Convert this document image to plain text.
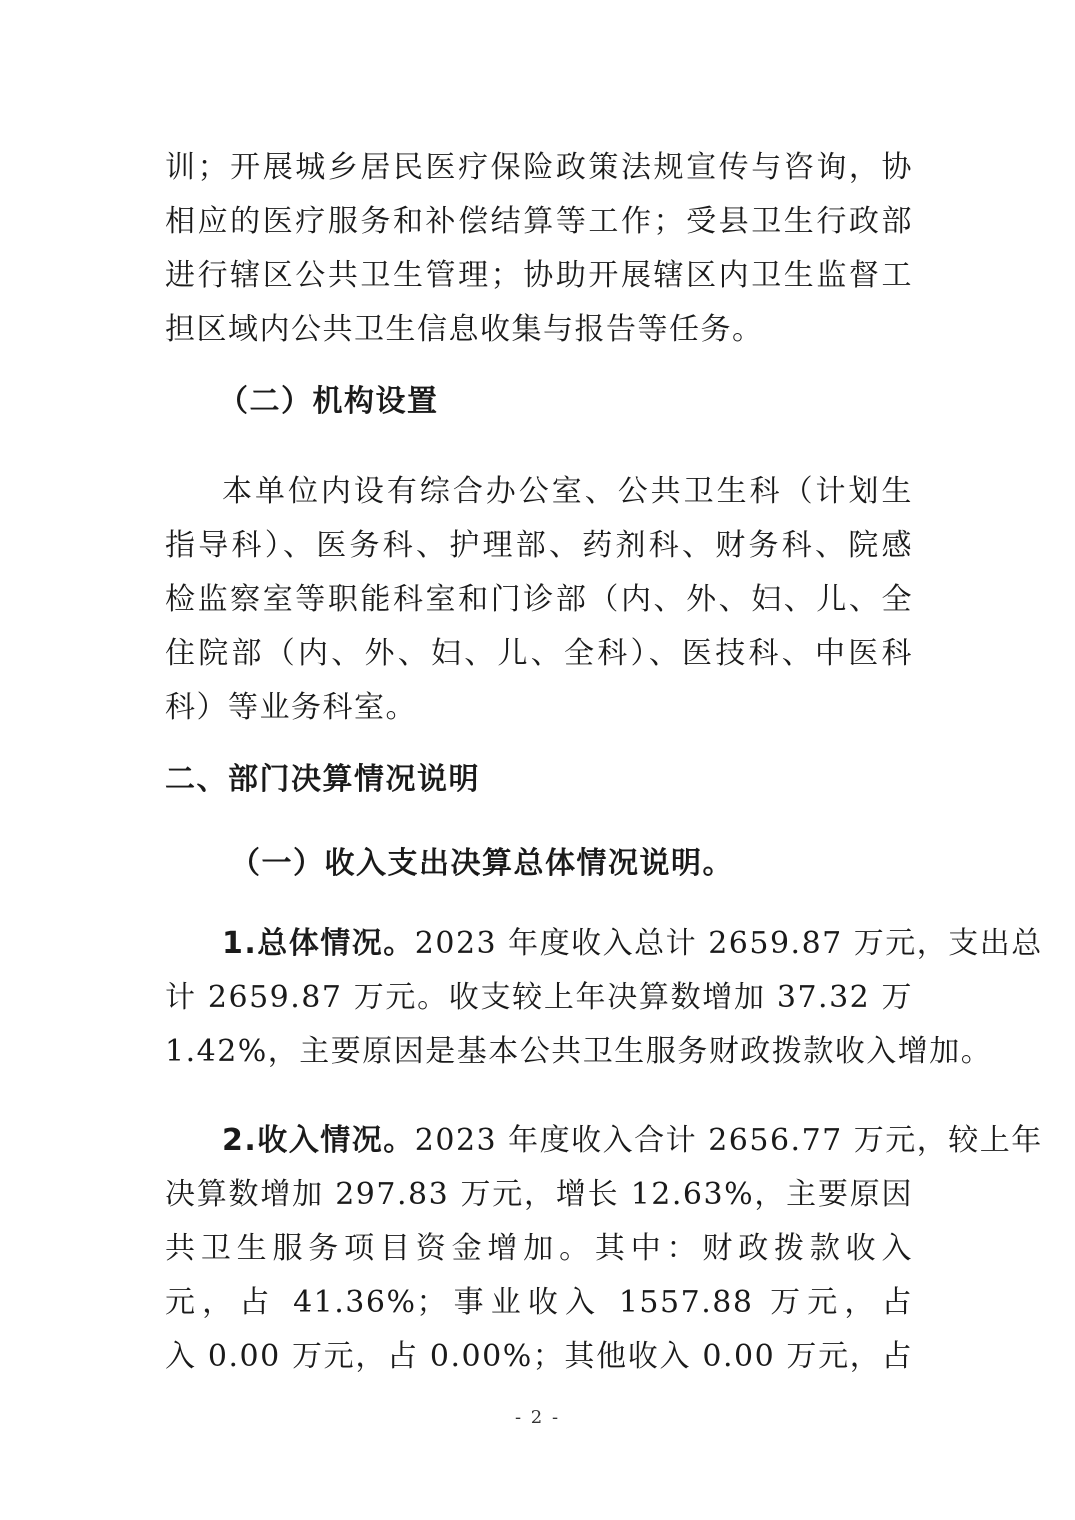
训；开展城乡居民医疗保险政策法规宣传与咨询，协
相应的医疗服务和补偿结算等工作；受县卫生行政部
进行辖区公共卫生管理；协助开展辖区内卫生监督工
担区域内公共卫生信息收集与报告等任务。
（二）机构设置
本单位内设有综合办公室、公共卫生科（计划生
指导科）、医务科、护理部、药剂科、财务科、院感
检监察室等职能科室和门诊部（内、外、妇、儿、全
住院部（内、外、妇、儿、全科）、医技科、中医科
科）等业务科室。
二、部门决算情况说明
（一）收入支出决算总体情况说明。
1.总体情况。2023 年度收入总计 2659.87 万元，支出总
计 2659.87 万元。收支较上年决算数增加 37.32 万
1.42%，主要原因是基本公共卫生服务财政拨款收入增加。
2.收入情况。2023 年度收入合计 2656.77 万元，较上年
决算数增加 297.83 万元，增长 12.63%，主要原因
共卫生服务项目资金增加。其中：财政拨款收入
元，占 41.36%；事业收入 1557.88 万元，占
入 0.00 万元，占 0.00%；其他收入 0.00 万元，占
- 2 -
